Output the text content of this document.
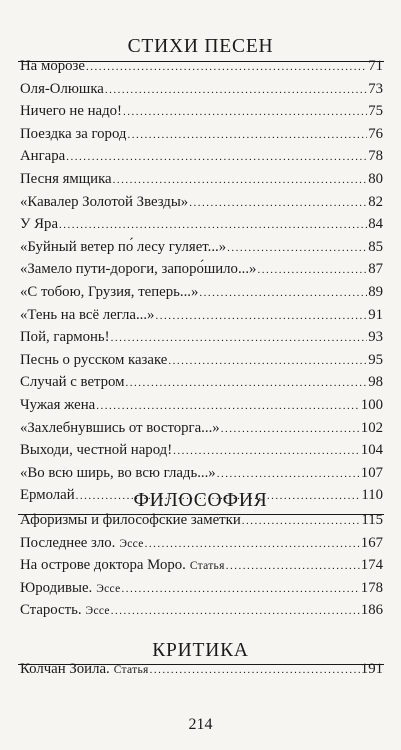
СТИХИ ПЕСЕН
На морозе .....	71
Оля-Олюшка .....	73
Ничего не надо! .....	75
Поездка за город .....	76
Ангара .....	78
Песня ямщика .....	80
«Кавалер Золотой Звезды» .....	82
У Яра .....	84
«Буйный ветер по́ лесу гуляет...» .....	85
«Замело пути-дороги, запоро́шило...» .....	87
«С тобою, Грузия, теперь...» .....	89
«Тень на всё легла...» .....	91
Пой, гармонь! .....	93
Песнь о русском казаке .....	95
Случай с ветром .....	98
Чужая жена .....	100
«Захлебнувшись от восторга...» .....	102
Выходи, честной народ! .....	104
«Во всю ширь, во всю гладь...» .....	107
Ермолай .....	110
ФИЛОСОФИЯ
Афоризмы и философские заметки .....	115
Последнее зло. Эссе .....	167
На острове доктора Моро. Статья .....	174
Юродивые. Эссе .....	178
Старость. Эссе .....	186
КРИТИКА
Колчан Зоила. Статья .....	191
214
